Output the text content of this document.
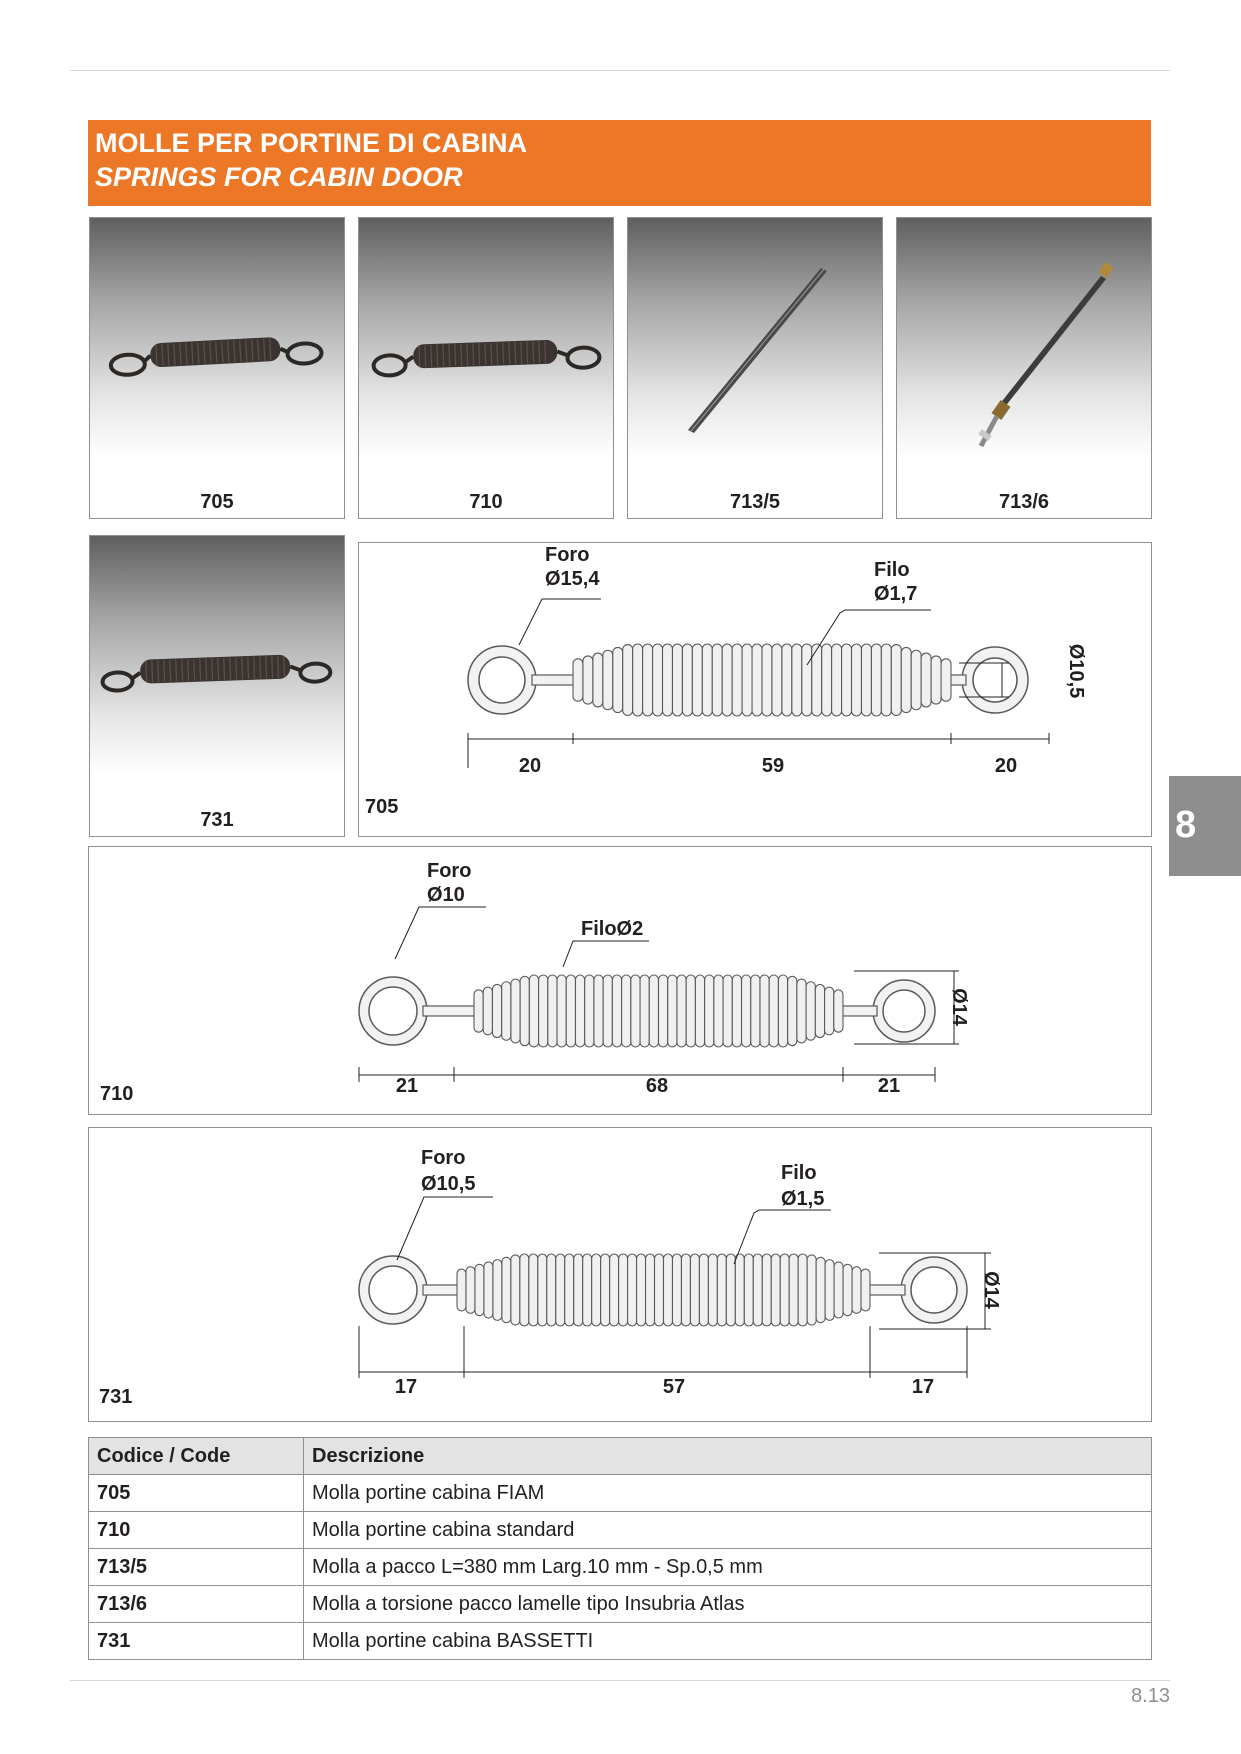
MOLLE PER PORTINE DI CABINA
SPRINGS FOR CABIN DOOR
705	710	713/5	713/6
731
Foro
Ø15,4	Filo
Ø1,7
Ø10,5
20	59	20
705
Foro
Ø10
FiloØ2
Ø14
21	68	21
710
Foro
Ø10,5	Filo
Ø1,5
Ø14
17	57	17
731
8
Codice / Code	Descrizione
705	Molla portine cabina FIAM
710	Molla portine cabina standard
713/5	Molla a pacco L=380 mm Larg.10 mm - Sp.0,5 mm
713/6	Molla a torsione pacco lamelle tipo Insubria Atlas
731	Molla portine cabina BASSETTI
8.13
